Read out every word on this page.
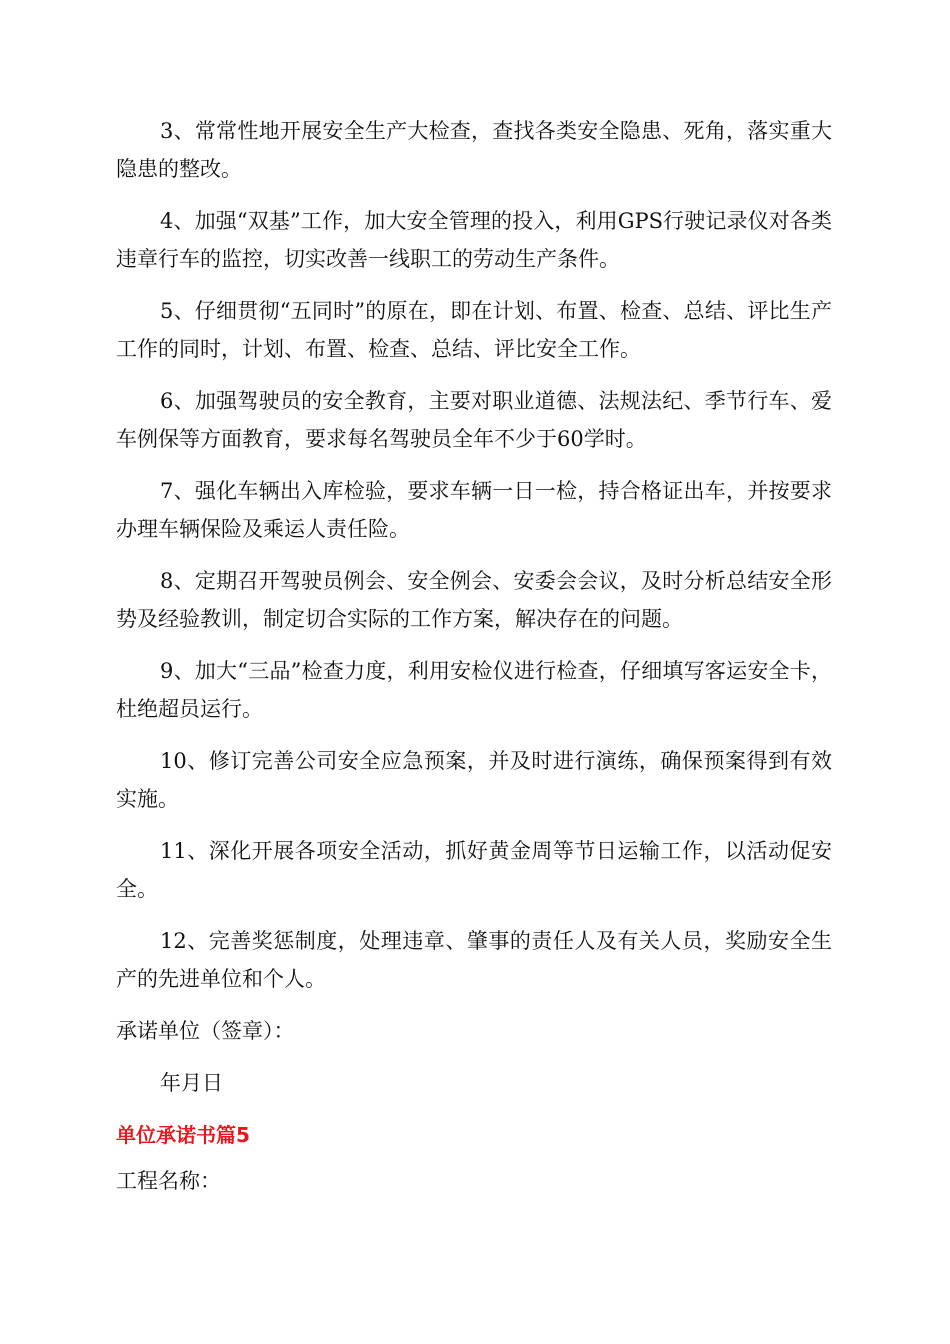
3、常常性地开展安全生产大检查，查找各类安全隐患、死角，落实重大隐患的整改。

4、加强“双基”工作，加大安全管理的投入，利用GPS行驶记录仪对各类违章行车的监控，切实改善一线职工的劳动生产条件。

5、仔细贯彻“五同时”的原在，即在计划、布置、检查、总结、评比生产工作的同时，计划、布置、检查、总结、评比安全工作。

6、加强驾驶员的安全教育，主要对职业道德、法规法纪、季节行车、爱车例保等方面教育，要求每名驾驶员全年不少于60学时。

7、强化车辆出入库检验，要求车辆一日一检，持合格证出车，并按要求办理车辆保险及乘运人责任险。

8、定期召开驾驶员例会、安全例会、安委会会议，及时分析总结安全形势及经验教训，制定切合实际的工作方案，解决存在的问题。

9、加大“三品”检查力度，利用安检仪进行检查，仔细填写客运安全卡，杜绝超员运行。

10、修订完善公司安全应急预案，并及时进行演练，确保预案得到有效实施。

11、深化开展各项安全活动，抓好黄金周等节日运输工作，以活动促安全。

12、完善奖惩制度，处理违章、肇事的责任人及有关人员，奖励安全生产的先进单位和个人。

承诺单位（签章）：

年月日

单位承诺书篇5

工程名称：
